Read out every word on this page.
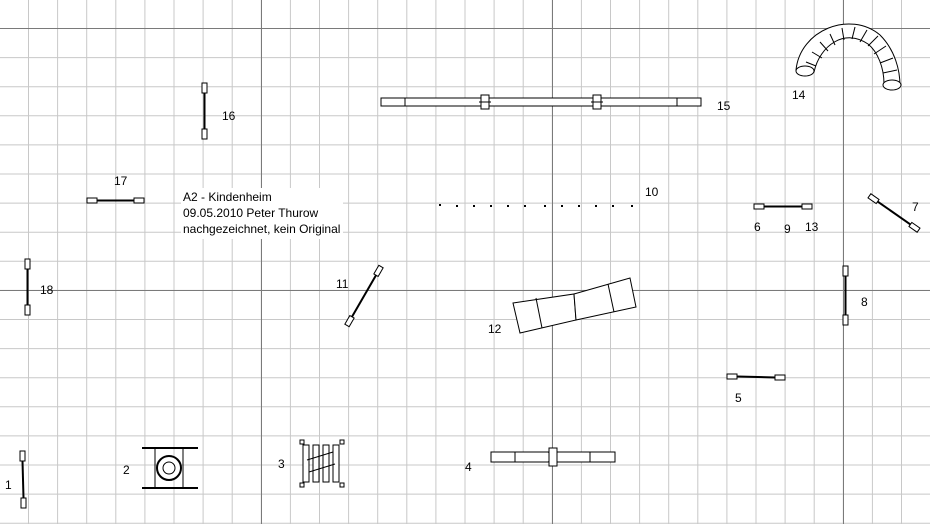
1
2	3	4
5
6
7
8
9
10
11
12
13
14
15
16
17
18
A2 - Kindenheim
09.05.2010 Peter Thurow
nachgezeichnet, kein Original
